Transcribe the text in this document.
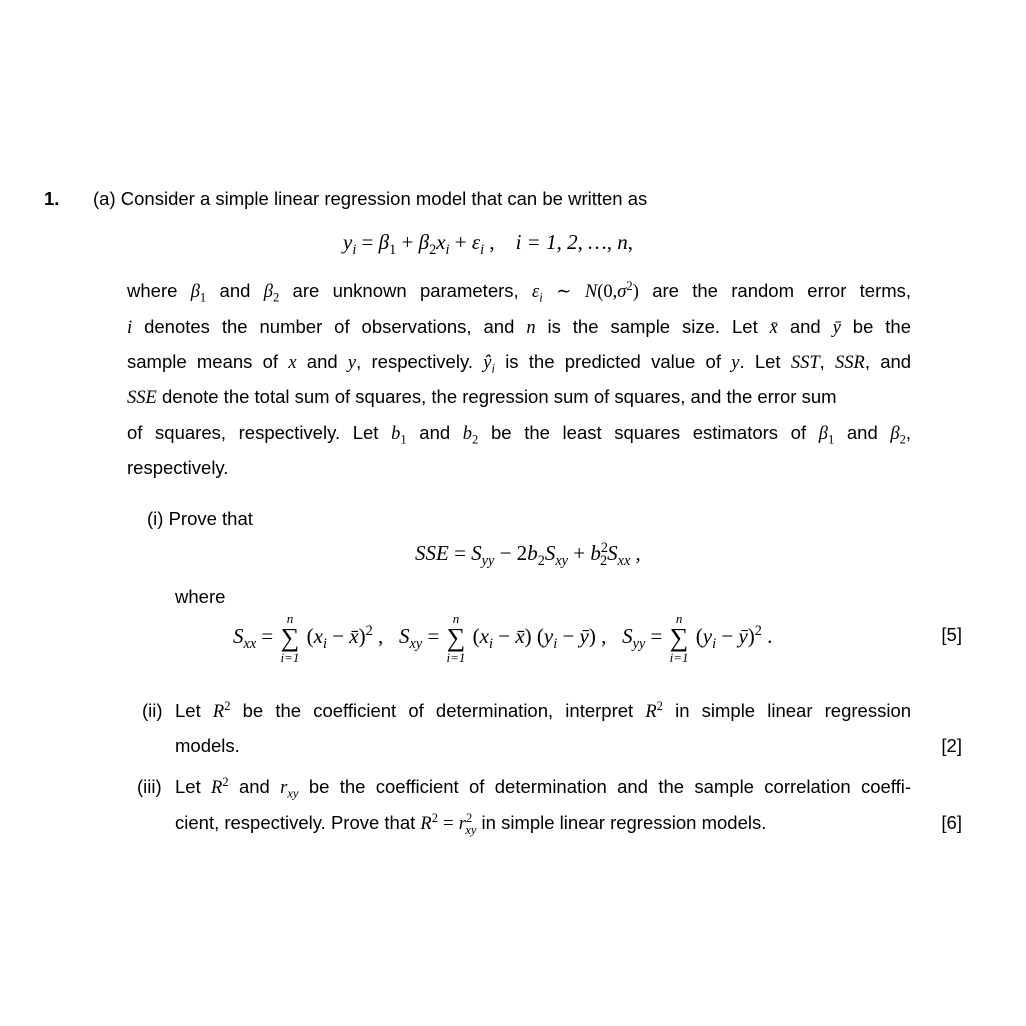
1. (a) Consider a simple linear regression model that can be written as
$y_i = \beta_1 + \beta_2x_i + \varepsilon_i$ ,    i = 1, 2, …, n,
where $\beta_1$ and $\beta_2$ are unknown parameters, $\varepsilon_i$ ∼ $N(0,\sigma^2)$ are the random error terms,
i denotes the number of observations, and n is the sample size. Let x̄ and ȳ be the
sample means of x and y, respectively. $ŷ_i$ is the predicted value of y. Let SST, SSR, and
SSE denote the total sum of squares, the regression sum of squares, and the error sum
of squares, respectively. Let $b_1$ and $b_2$ be the least squares estimators of $\beta_1$ and $\beta_2$,
respectively.
(i) Prove that
SSE = $S_{yy} - 2b_2S_{xy} + b^2_2S_{xx}$ ,
where
$S_{xx}$ =
n
∑
i=1
($x_i$ − x̄)$^2$ ,   $S_{xy}$ =
n
∑
i=1
($x_i$ − x̄) ($y_i$ − ȳ) ,   $S_{yy}$ =
n
∑
i=1
($y_i$ − ȳ)$^2$ .	[5]
(ii) Let $R^2$ be the coefficient of determination, interpret $R^2$ in simple linear regression
models.	[2]
(iii) Let $R^2$ and $r_{xy}$ be the coefficient of determination and the sample correlation coeffi-
cient, respectively. Prove that $R^2 = r^2_{xy}$ in simple linear regression models.	[6]
